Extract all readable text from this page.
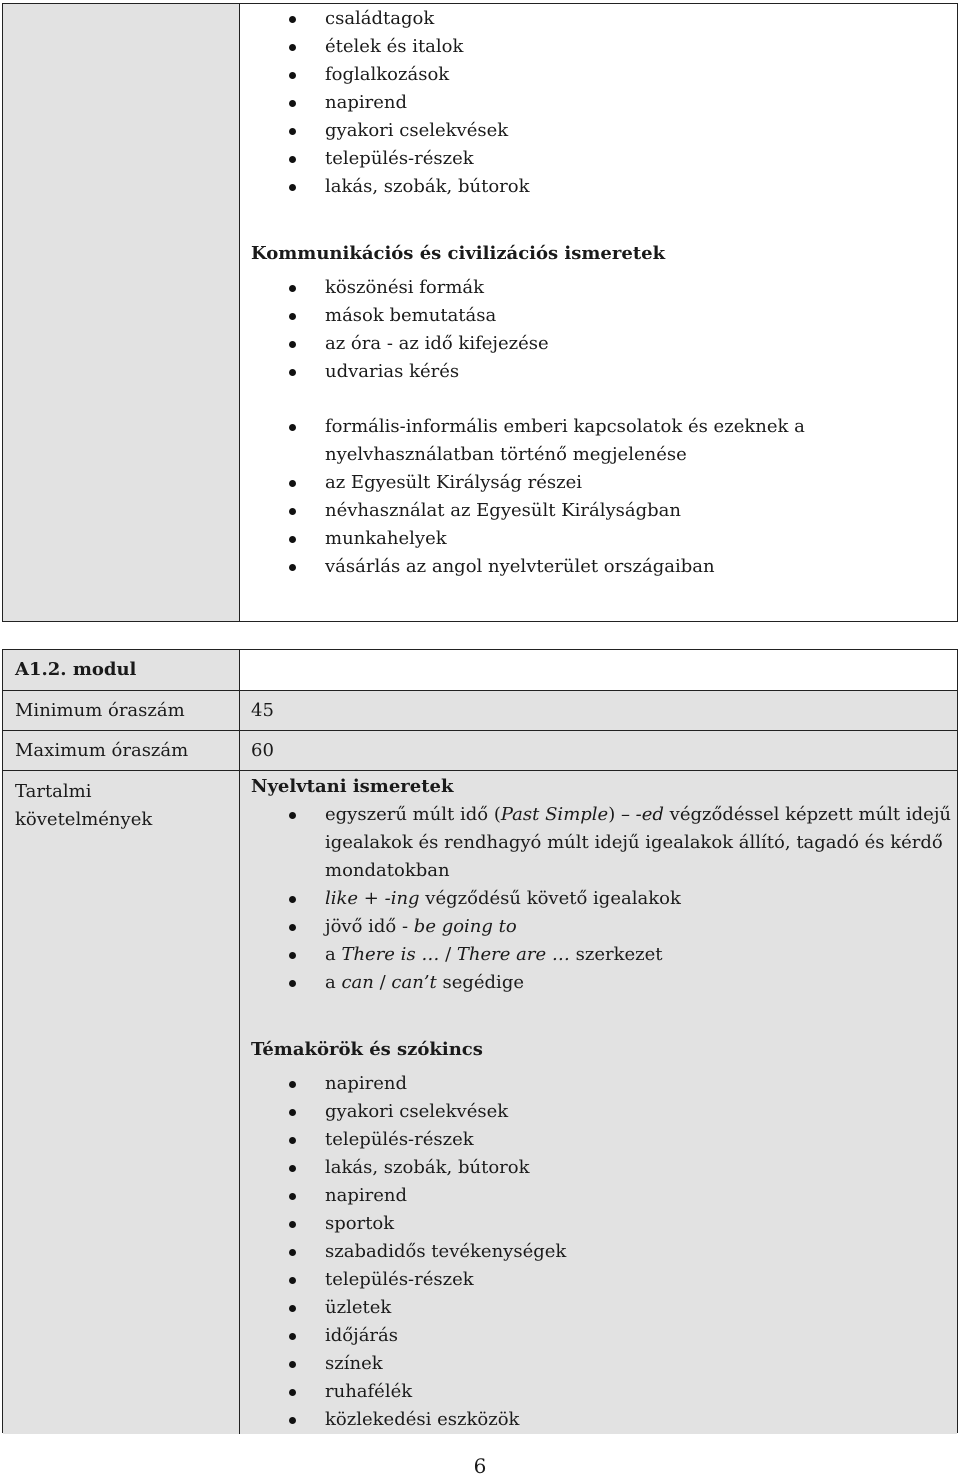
családtagok
ételek és italok
foglalkozások
napirend
gyakori cselekvések
település-részek
lakás, szobák, bútorok
Kommunikációs és civilizációs ismeretek
köszönési formák
mások bemutatása
az óra - az idő kifejezése
udvarias kérés
formális-informális emberi kapcsolatok és ezeknek a
nyelvhasználatban történő megjelenése
az Egyesült Királyság részei
névhasználat az Egyesült Királyságban
munkahelyek
vásárlás az angol nyelvterület országaiban
A1.2. modul
Minimum óraszám	45
Maximum óraszám	60
Tartalmi
követelmények
Nyelvtani ismeretek
egyszerű múlt idő (Past Simple) – -ed végződéssel képzett múlt idejű
igealakok és rendhagyó múlt idejű igealakok állító, tagadó és kérdő
mondatokban
like + -ing végződésű követő igealakok
jövő idő - be going to
a There is … / There are … szerkezet
a can / can’t segédige
Témakörök és szókincs
napirend
gyakori cselekvések
település-részek
lakás, szobák, bútorok
napirend
sportok
szabadidős tevékenységek
település-részek
üzletek
időjárás
színek
ruhafélék
közlekedési eszközök
6
